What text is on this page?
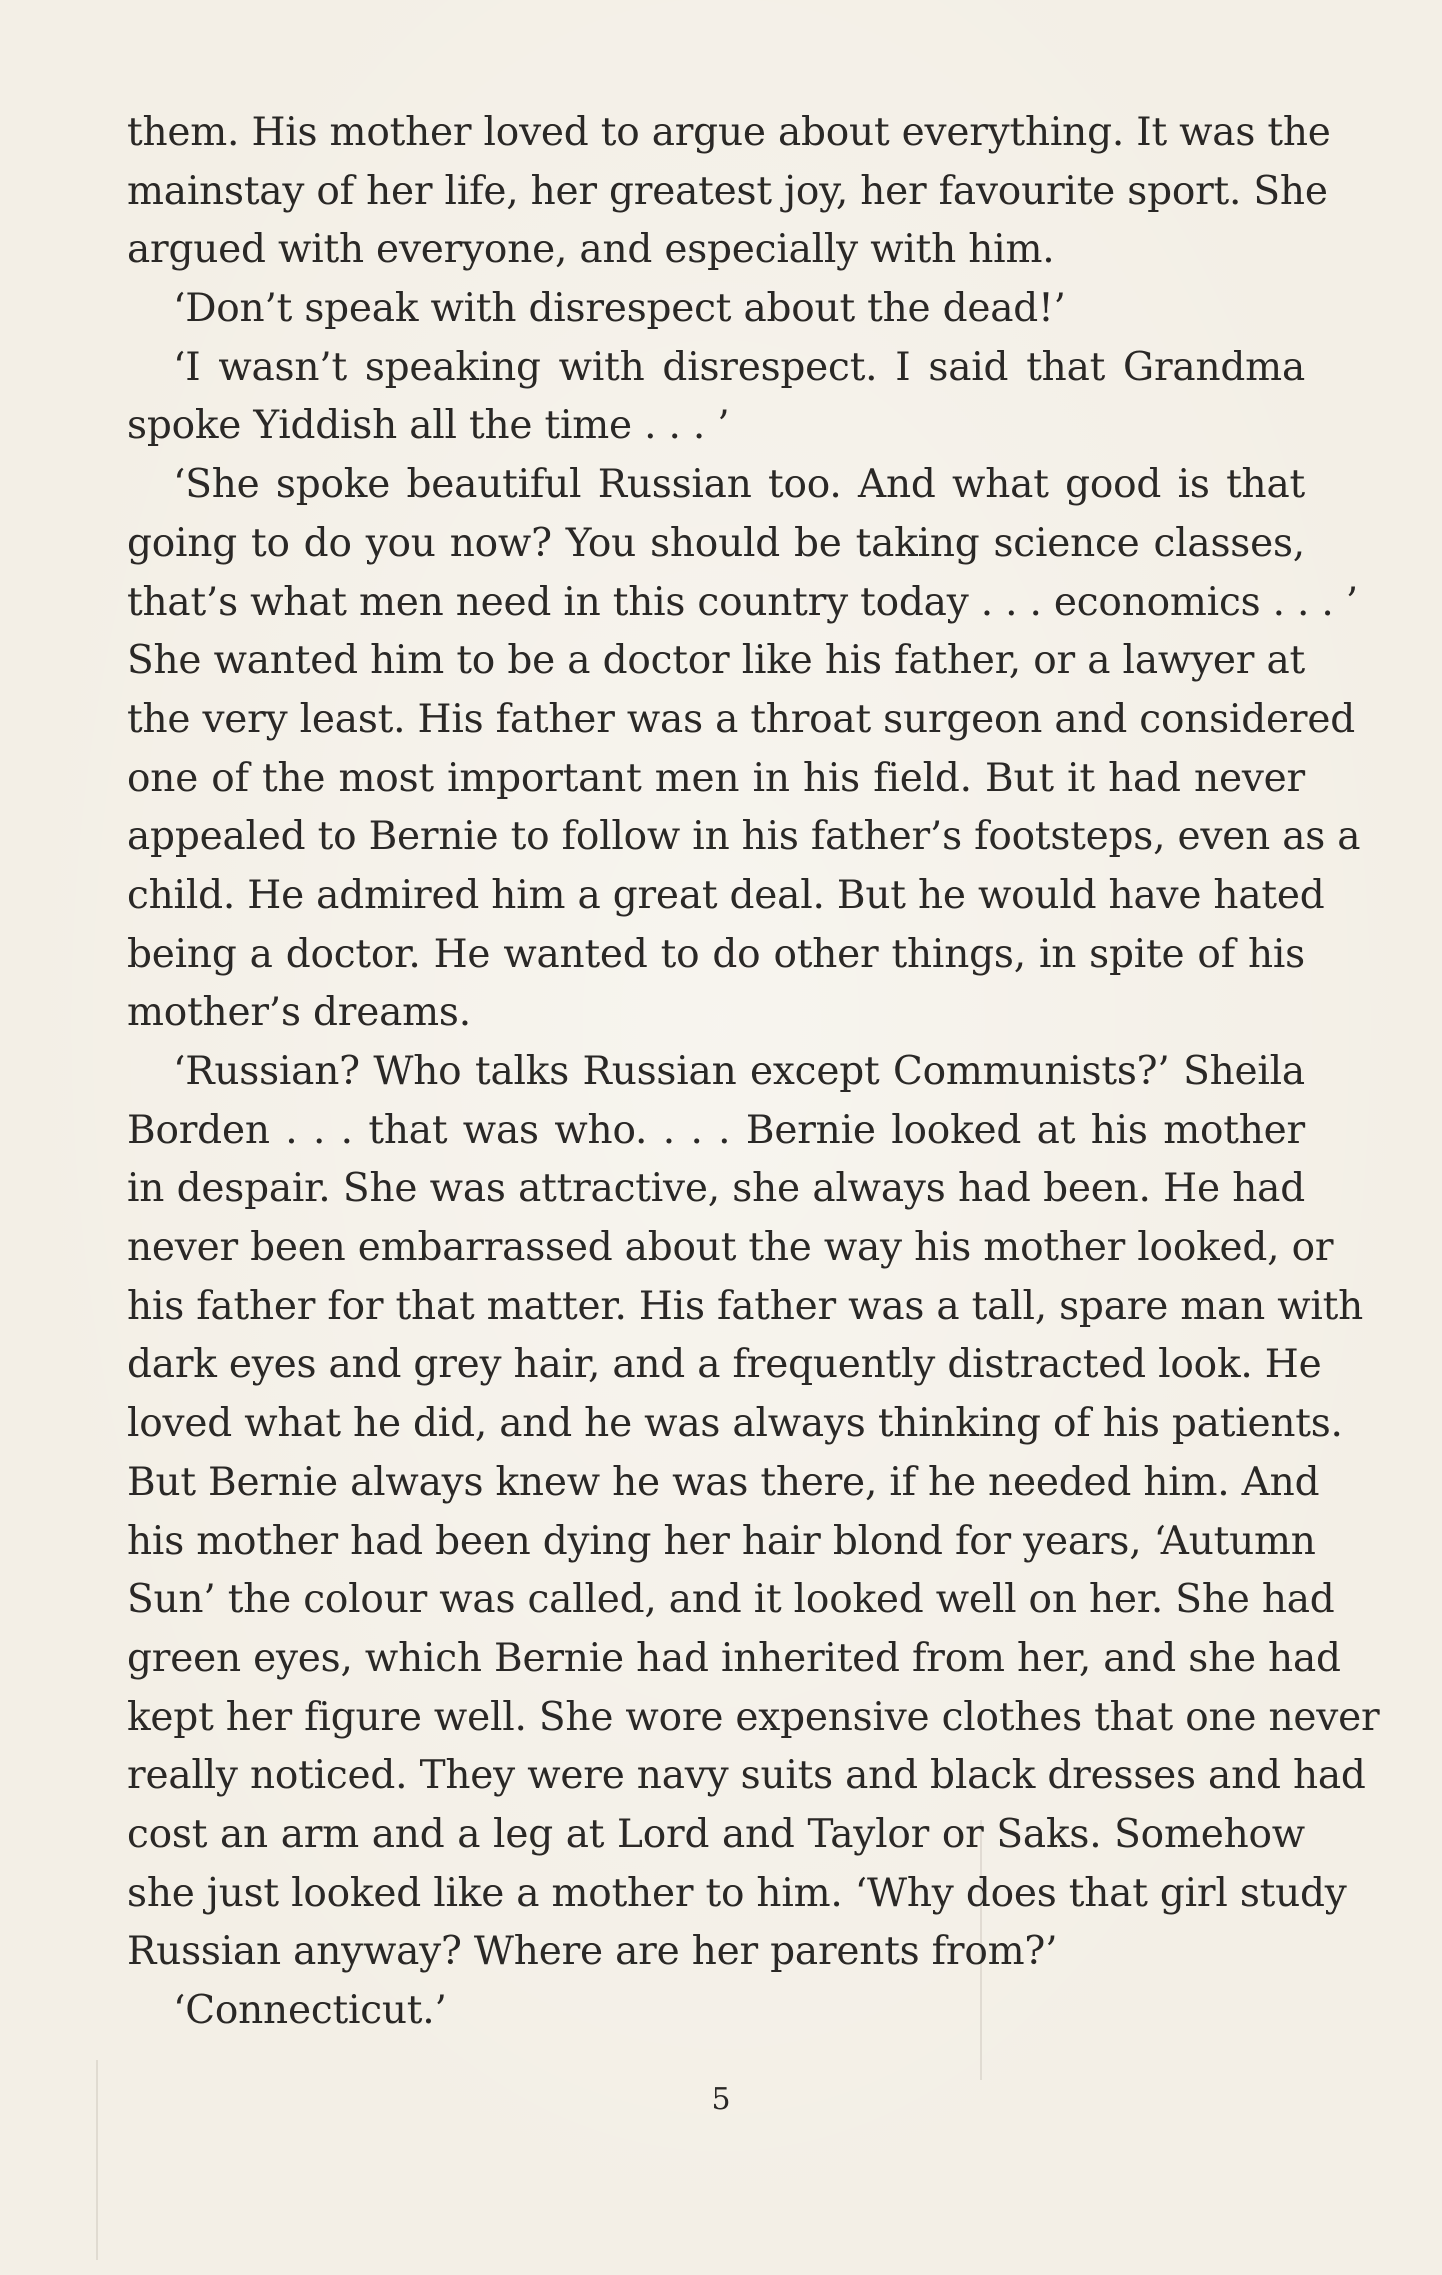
them. His mother loved to argue about everything. It was the
mainstay of her life, her greatest joy, her favourite sport. She
argued with everyone, and especially with him.
‘Don’t speak with disrespect about the dead!’
‘I wasn’t speaking with disrespect. I said that Grandma
spoke Yiddish all the time . . . ’
‘She spoke beautiful Russian too. And what good is that
going to do you now? You should be taking science classes,
that’s what men need in this country today . . . economics . . . ’
She wanted him to be a doctor like his father, or a lawyer at
the very least. His father was a throat surgeon and considered
one of the most important men in his field. But it had never
appealed to Bernie to follow in his father’s footsteps, even as a
child. He admired him a great deal. But he would have hated
being a doctor. He wanted to do other things, in spite of his
mother’s dreams.
‘Russian? Who talks Russian except Communists?’ Sheila
Borden . . . that was who. . . . Bernie looked at his mother
in despair. She was attractive, she always had been. He had
never been embarrassed about the way his mother looked, or
his father for that matter. His father was a tall, spare man with
dark eyes and grey hair, and a frequently distracted look. He
loved what he did, and he was always thinking of his patients.
But Bernie always knew he was there, if he needed him. And
his mother had been dying her hair blond for years, ‘Autumn
Sun’ the colour was called, and it looked well on her. She had
green eyes, which Bernie had inherited from her, and she had
kept her figure well. She wore expensive clothes that one never
really noticed. They were navy suits and black dresses and had
cost an arm and a leg at Lord and Taylor or Saks. Somehow
she just looked like a mother to him. ‘Why does that girl study
Russian anyway? Where are her parents from?’
‘Connecticut.’
5
